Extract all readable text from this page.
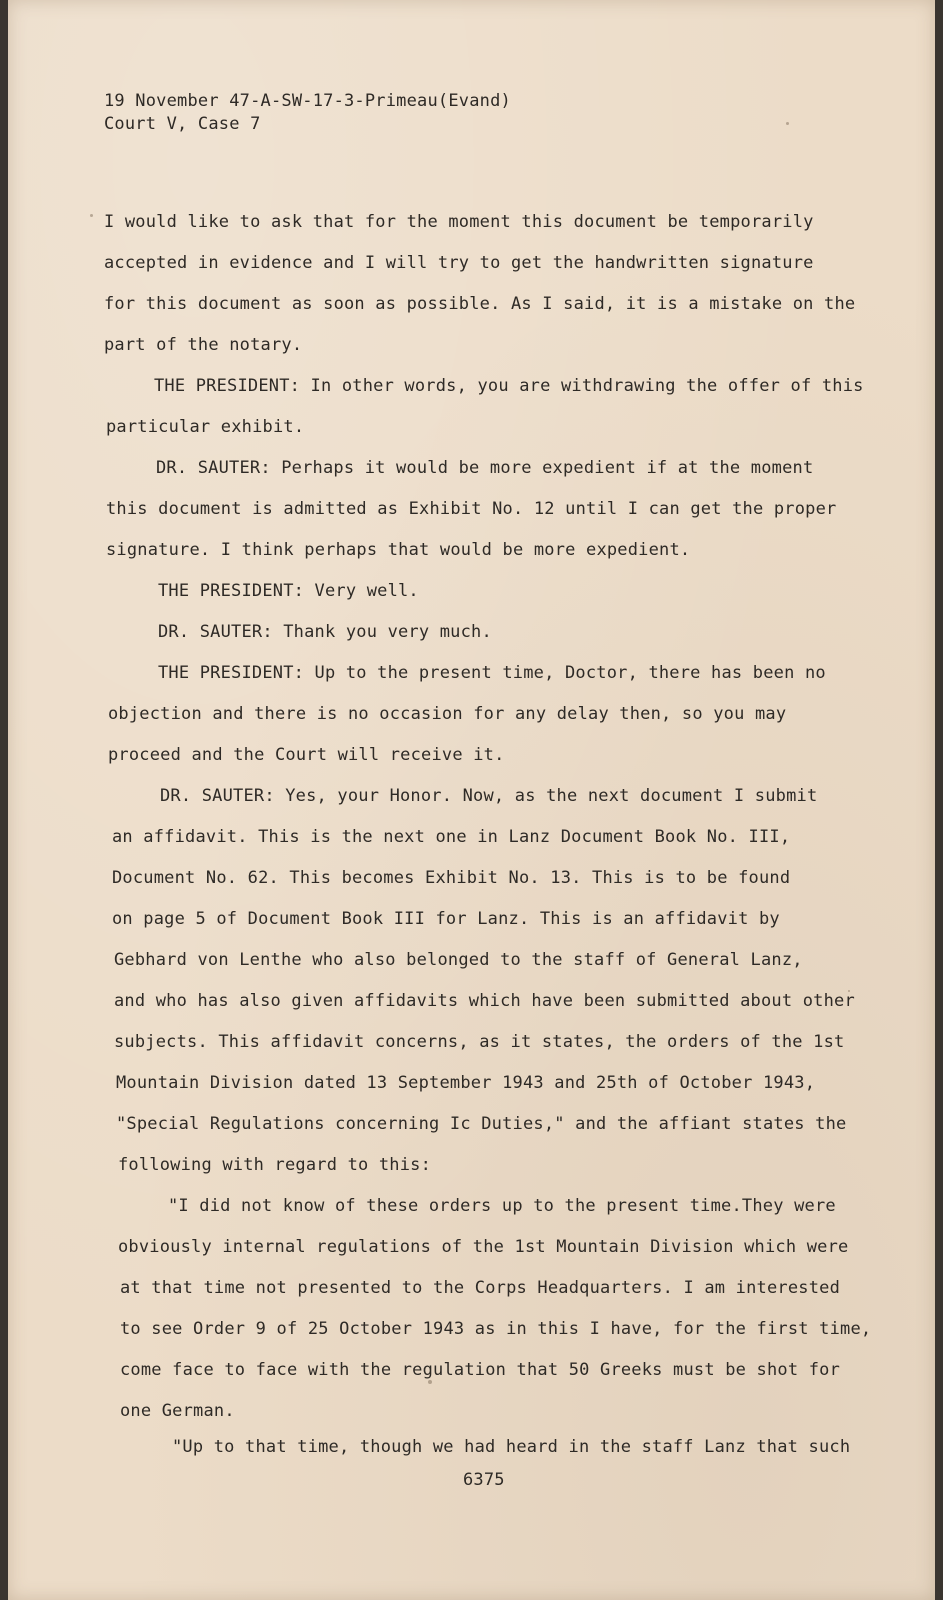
19 November 47-A-SW-17-3-Primeau(Evand)
Court V, Case 7
I would like to ask that for the moment this document be temporarily
accepted in evidence and I will try to get the handwritten signature
for this document as soon as possible. As I said, it is a mistake on the
part of the notary.
THE PRESIDENT: In other words, you are withdrawing the offer of this
particular exhibit.
DR. SAUTER: Perhaps it would be more expedient if at the moment
this document is admitted as Exhibit No. 12 until I can get the proper
signature. I think perhaps that would be more expedient.
THE PRESIDENT: Very well.
DR. SAUTER: Thank you very much.
THE PRESIDENT: Up to the present time, Doctor, there has been no
objection and there is no occasion for any delay then, so you may
proceed and the Court will receive it.
DR. SAUTER: Yes, your Honor. Now, as the next document I submit
an affidavit. This is the next one in Lanz Document Book No. III,
Document No. 62. This becomes Exhibit No. 13. This is to be found
on page 5 of Document Book III for Lanz. This is an affidavit by
Gebhard von Lenthe who also belonged to the staff of General Lanz,
and who has also given affidavits which have been submitted about other
subjects. This affidavit concerns, as it states, the orders of the 1st
Mountain Division dated 13 September 1943 and 25th of October 1943,
"Special Regulations concerning Ic Duties," and the affiant states the
following with regard to this:
"I did not know of these orders up to the present time.They were
obviously internal regulations of the 1st Mountain Division which were
at that time not presented to the Corps Headquarters. I am interested
to see Order 9 of 25 October 1943 as in this I have, for the first time,
come face to face with the regulation that 50 Greeks must be shot for
one German.
"Up to that time, though we had heard in the staff Lanz that such
6375
